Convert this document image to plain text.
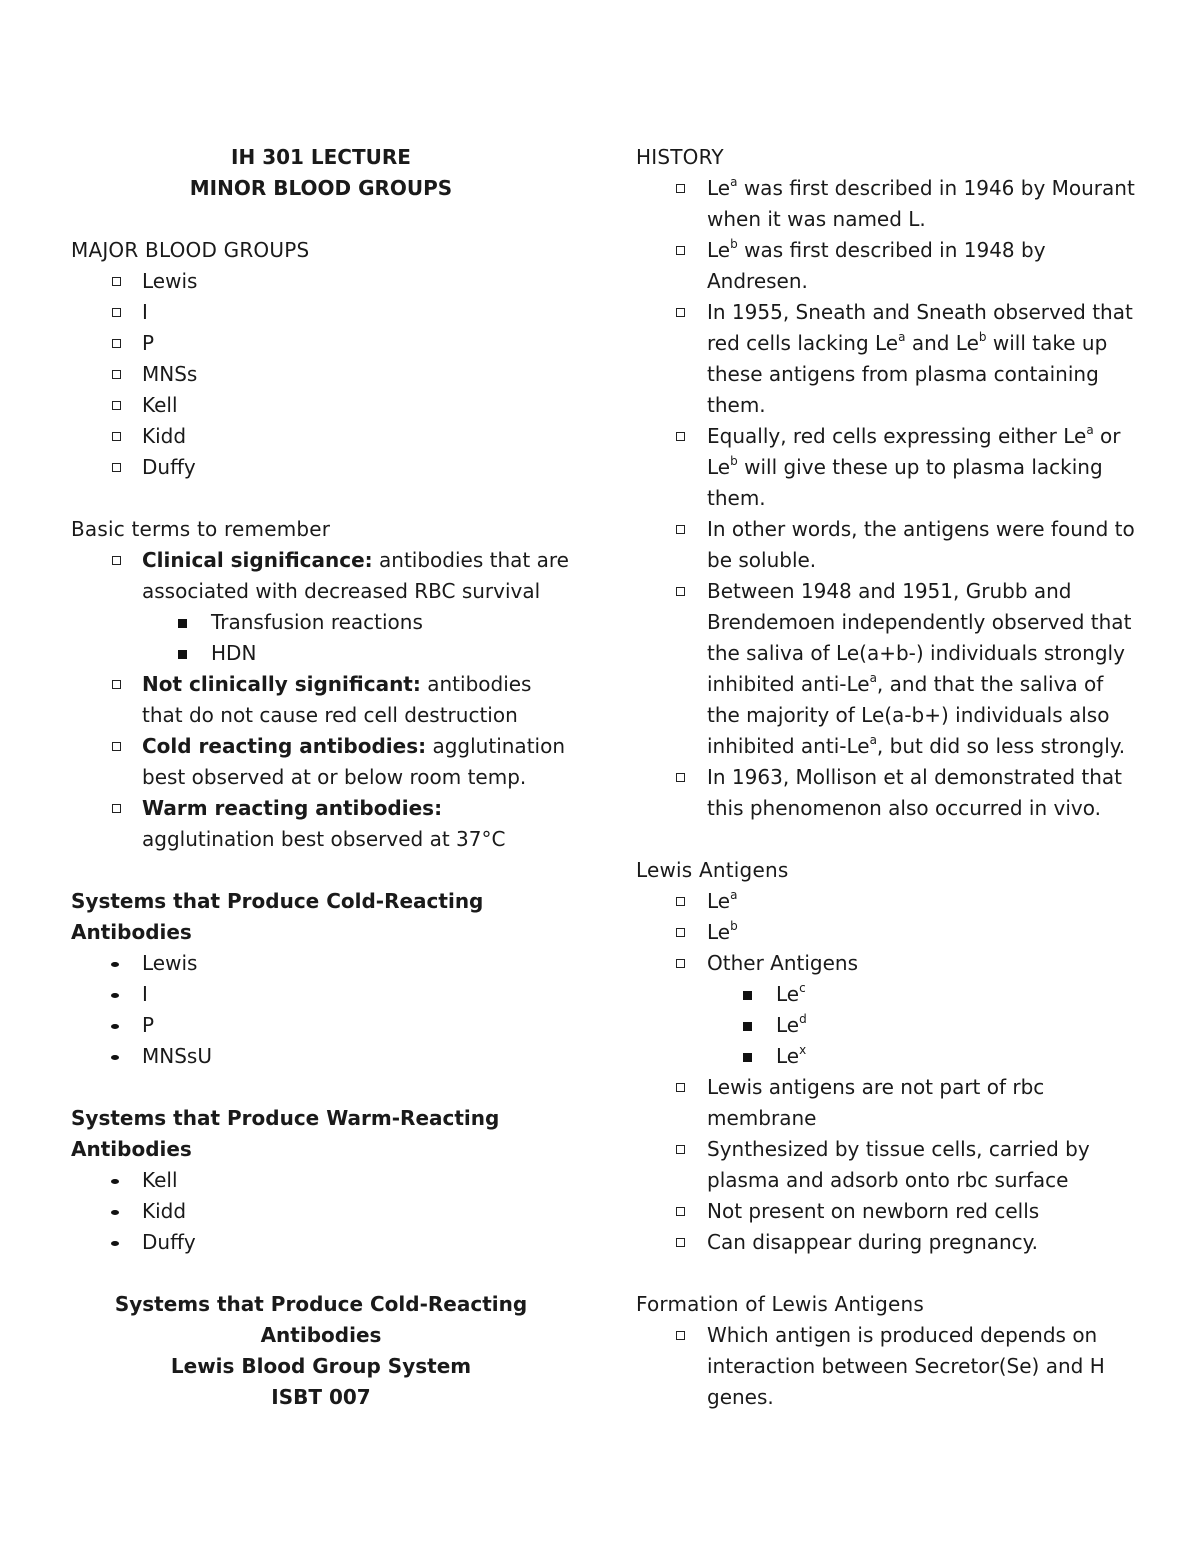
IH 301 LECTURE
MINOR BLOOD GROUPS
MAJOR BLOOD GROUPS
Lewis
I
P
MNSs
Kell
Kidd
Duffy
Basic terms to remember
Clinical significance: antibodies that are associated with decreased RBC survival
Transfusion reactions
HDN
Not clinically significant: antibodies that do not cause red cell destruction
Cold reacting antibodies: agglutination best observed at or below room temp.
Warm reacting antibodies: agglutination best observed at 37°C
Systems that Produce Cold-Reacting Antibodies
Lewis
I
P
MNSsU
Systems that Produce Warm-Reacting Antibodies
Kell
Kidd
Duffy
Systems that Produce Cold-Reacting
Antibodies
Lewis Blood Group System
ISBT 007
HISTORY
Le$^a$ was first described in 1946 by Mourant when it was named L.
Le$^b$ was first described in 1948 by Andresen.
In 1955, Sneath and Sneath observed that red cells lacking Le$^a$ and Le$^b$ will take up these antigens from plasma containing them.
Equally, red cells expressing either Le$^a$ or Le$^b$ will give these up to plasma lacking them.
In other words, the antigens were found to be soluble.
Between 1948 and 1951, Grubb and Brendemoen independently observed that the saliva of Le(a+b-) individuals strongly inhibited anti-Le$^a$, and that the saliva of the majority of Le(a-b+) individuals also inhibited anti-Le$^a$, but did so less strongly.
In 1963, Mollison et al demonstrated that this phenomenon also occurred in vivo.
Lewis Antigens
Le$^a$
Le$^b$
Other Antigens
Le$^c$
Le$^d$
Le$^x$
Lewis antigens are not part of rbc membrane
Synthesized by tissue cells, carried by plasma and adsorb onto rbc surface
Not present on newborn red cells
Can disappear during pregnancy.
Formation of Lewis Antigens
Which antigen is produced depends on interaction between Secretor(Se) and H genes.
